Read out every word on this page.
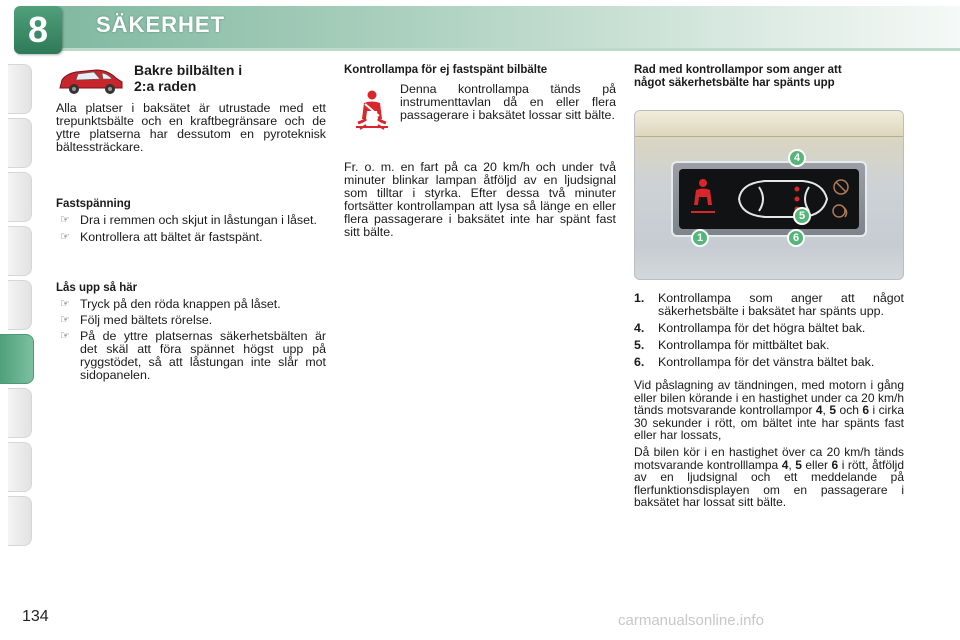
8	SÄKERHET
Bakre bilbälten i
2:a raden

Alla platser i baksätet är utrustade med ett trepunktsbälte och en kraftbegränsare och de yttre platserna har dessutom en pyroteknisk bältessträckare.

Fastspänning
☞ Dra i remmen och skjut in låstungan i låset.
☞ Kontrollera att bältet är fastspänt.
Lås upp så här
☞ Tryck på den röda knappen på låset.
☞ Följ med bältets rörelse.
☞ På de yttre platsernas säkerhetsbälten är det skäl att föra spännet högst upp på ryggstödet, så att låstungan inte slår mot sidopanelen.
Kontrollampa för ej fastspänt bilbälte

Denna kontrollampa tänds på instrumenttavlan då en eller flera passagerare i baksätet lossar sitt bälte.

Fr. o. m. en fart på ca 20 km/h och under två minuter blinkar lampan åtföljd av en ljudsignal som tilltar i styrka. Efter dessa två minuter fortsätter kontrollampan att lysa så länge en eller flera passagerare i baksätet inte har spänt fast sitt bälte.

Rad med kontrollampor som anger att
något säkerhetsbälte har spänts upp
4
5
1	6
1. Kontrollampa som anger att något säkerhetsbälte i baksätet har spänts upp.
4. Kontrollampa för det högra bältet bak.
5. Kontrollampa för mittbältet bak.
6. Kontrollampa för det vänstra bältet bak.

Vid påslagning av tändningen, med motorn i gång eller bilen körande i en hastighet under ca 20 km/h tänds motsvarande kontrollampor 4, 5 och 6 i cirka 30 sekunder i rött, om bältet inte har spänts fast eller har lossats,

Då bilen kör i en hastighet över ca 20 km/h tänds motsvarande kontrolllampa 4, 5 eller 6 i rött, åtföljd av en ljudsignal och ett meddelande på flerfunktionsdisplayen om en passagerare i baksätet har lossat sitt bälte.

134	carmanualsonline.info
